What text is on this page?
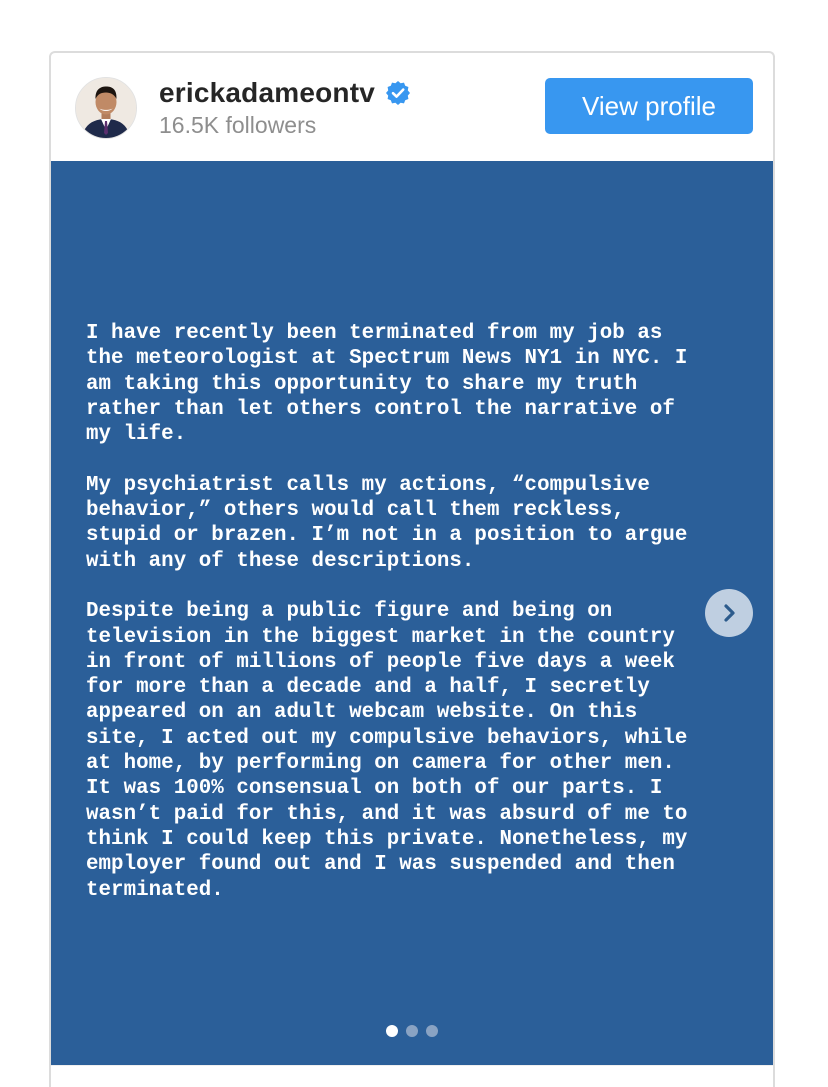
erickadameontv
16.5K followers
View profile

I have recently been terminated from my job as
the meteorologist at Spectrum News NY1 in NYC. I
am taking this opportunity to share my truth
rather than let others control the narrative of
my life.

My psychiatrist calls my actions, “compulsive
behavior,” others would call them reckless,
stupid or brazen. I’m not in a position to argue
with any of these descriptions.

Despite being a public figure and being on
television in the biggest market in the country
in front of millions of people five days a week
for more than a decade and a half, I secretly
appeared on an adult webcam website. On this
site, I acted out my compulsive behaviors, while
at home, by performing on camera for other men.
It was 100% consensual on both of our parts. I
wasn’t paid for this, and it was absurd of me to
think I could keep this private. Nonetheless, my
employer found out and I was suspended and then
terminated.
